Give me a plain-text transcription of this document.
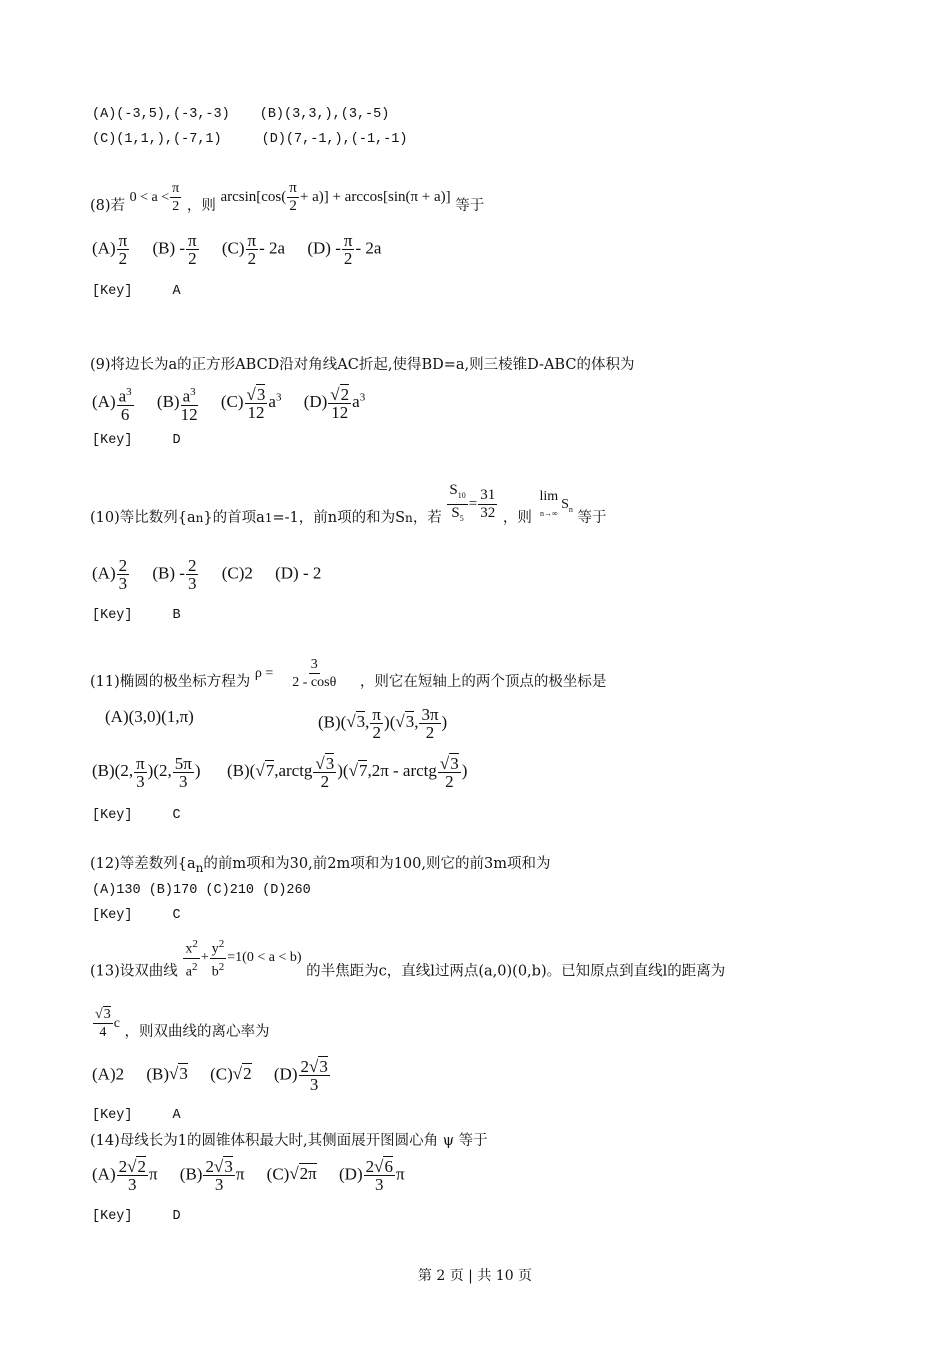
(A)(-3,5),(-3,-3) (B)(3,3,),(3,-5)
(C)(1,1,),(-7,1)	(D)(7,-1,),(-1,-1)
(8)若 $0 < a < \frac{\pi}{2}$ ，则 $\arcsin[\cos( \frac{\pi}{2} + a)] + \arccos[\sin(\pi + a)]$ 等于
$(A) \frac{\pi}{2} (B) - \frac{\pi}{2} (C) \frac{\pi}{2} - 2a$ $(D) - \frac{\pi}{2} - 2a$
[Key]	A
(9)将边长为a的正方形ABCD沿对角线AC折起,使得BD=a,则三棱锥D-ABC的体积为
$(A) \frac{a^3}{6} (B) \frac{a^3}{12} (C)$ √ $\frac{3}{12} a^3$ (D) √ $\frac{2}{12} a^3$
[Key]	D
(10)等比数列$\{a_n\}$的首项$a_1=-1$，前n项的和为$S_n$，若 $\frac{S_{10}}{S_5} = \frac{31}{32}$ ，则
lim
n→∞
$S_n$ 等于
$(A) \frac{2}{3} (B) - \frac{2}{3} (C)2$ (D) - 2
[Key]	B
(11)椭圆的极坐标方程为 $\rho = \frac{3}{2 - \cos\theta}$ ，则它在短轴上的两个顶点的极坐标是
(A)(3,0)(1,π)	(B)( √ 3, $\frac{\pi}{2}$ )( √ 3, $\frac{3\pi}{2}$ )
(B)(2, $\frac{\pi}{3} )(2$, $\frac{5\pi}{3}$ ) (B)( √ 7,arctg √ $\frac{3}{2}$ )( √ 7,2π - arctg √ $\frac{3}{2}$ )
[Key]	C
(12)等差数列{$a_n$的前m项和为30,前2m项和为100,则它的前3m项和为
(A)130 (B)170 (C)210 (D)260
[Key]	C
(13)设双曲线 $\frac{x^2}{a^2} + \frac{y^2}{b^2} =1(0 < a < b)$ 的半焦距为c，直线l过两点(a,0)(0,b)。已知原点到直线l的距离为
√ $\frac{3}{4}$ c ，则双曲线的离心率为
(A)2 (B) √ 3 (C) √ 2 $(D) \frac{2 √ 3}{3}$
[Key]	A
(14)母线长为1的圆锥体积最大时,其侧面展开图圆心角 ψ 等于
$(A) \frac{2 √ 2}{3}$ π $(B) \frac{2 √ 3}{3}$ π (C) √ 2π $(D) \frac{2 √ 6}{3}$ π
[Key]	D
第 2 页 | 共 10 页
